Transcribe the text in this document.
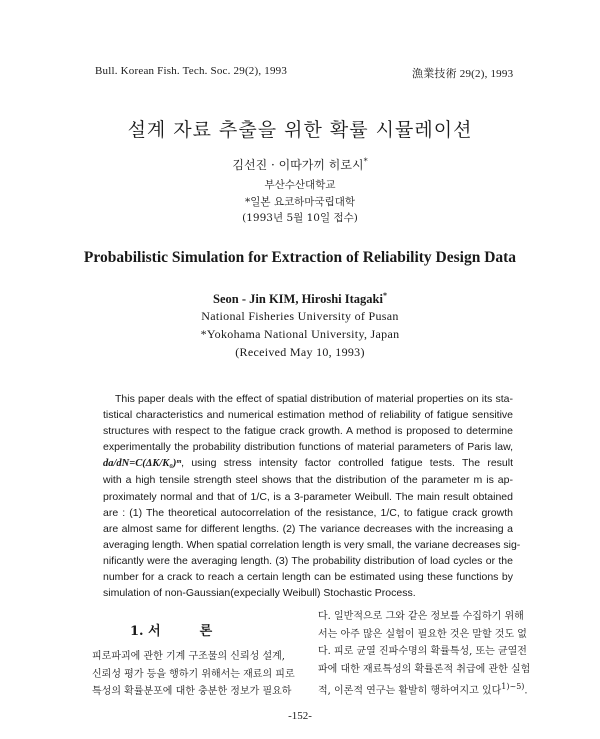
Bull. Korean Fish. Tech. Soc. 29(2), 1993	漁業技術 29(2), 1993
설계 자료 추출을 위한 확률 시뮬레이션
김선진 · 이따가끼 히로시*
부산수산대학교
*일본 요코하마국립대학
(1993년 5월 10일 접수)
Probabilistic Simulation for Extraction of Reliability Design Data
Seon - Jin KIM, Hiroshi Itagaki*
National Fisheries University of Pusan
*Yokohama National University, Japan
(Received May 10, 1993)
This paper deals with the effect of spatial distribution of material properties on its sta-
tistical characteristics and numerical estimation method of reliability of fatigue sensitive
structures with respect to the fatigue crack growth. A method is proposed to determine
experimentally the probability distribution functions of material parameters of Paris law,
da/dN=C(ΔK/K₀)ᵐ, using stress intensity factor controlled fatigue tests. The result
with a high tensile strength steel shows that the distribution of the parameter m is ap-
proximately normal and that of 1/C, is a 3-parameter Weibull. The main result obtained
are : (1) The theoretical autocorrelation of the resistance, 1/C, to fatigue crack growth
are almost same for different lengths. (2) The variance decreases with the increasing a
averaging length. When spatial correlation length is very small, the variane decreases sig-
nificantly were the averaging length. (3) The probability distribution of load cycles or the
number for a crack to reach a certain length can be estimated using these functions by
simulation of non-Gaussian(expecially Weibull) Stochastic Process.
1. 서　　　론
피로파괴에 관한 기계 구조물의 신뢰성 설계,
신뢰성 평가 등을 행하기 위해서는 재료의 피로
특성의 확률분포에 대한 충분한 정보가 필요하
다. 일반적으로 그와 같은 정보를 수집하기 위해
서는 아주 많은 실험이 필요한 것은 말할 것도 없
다. 피로 균열 진파수명의 확률특성, 또는 균열전
파에 대한 재료특성의 확률론적 취급에 관한 실험
적, 이론적 연구는 활발히 행하여지고 있다$^{1)\sim 5)}$.
-152-
